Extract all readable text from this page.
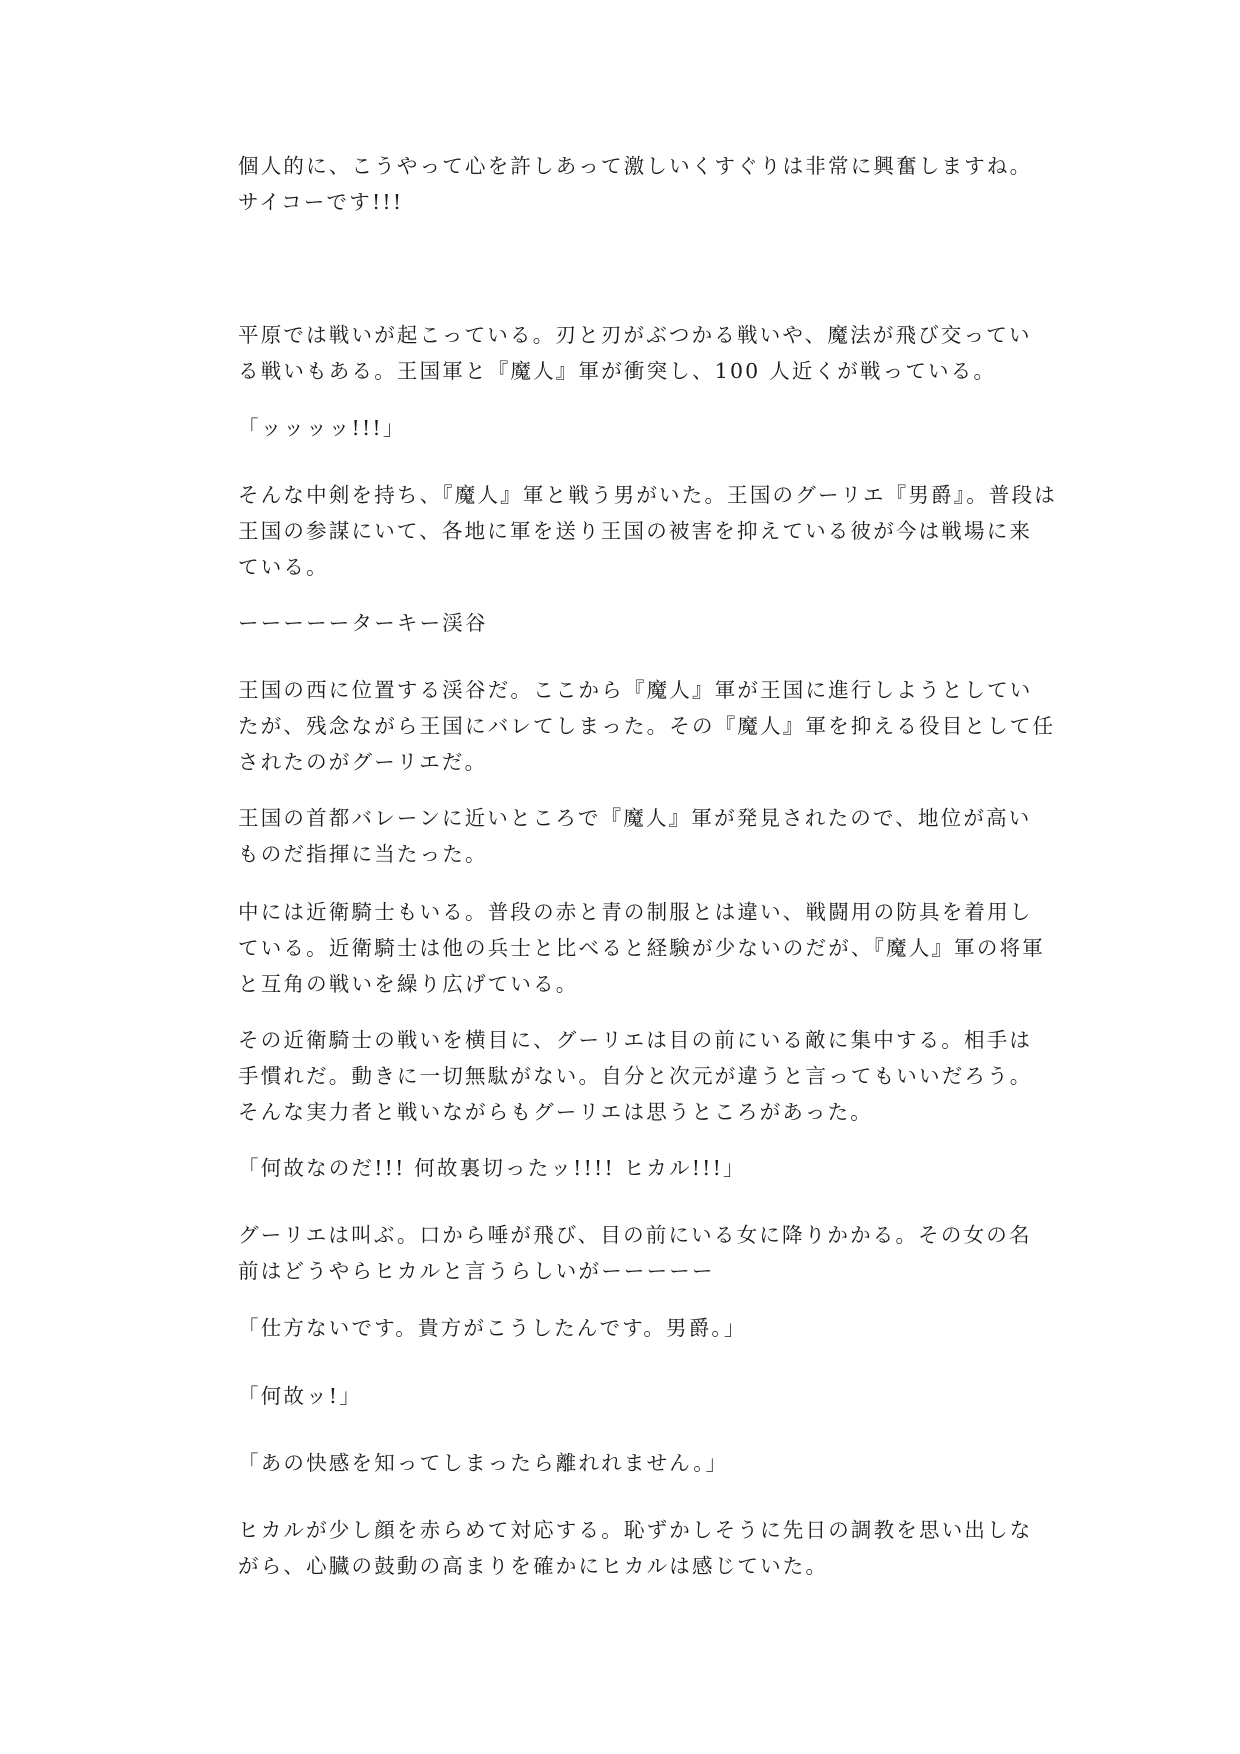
個人的に、こうやって心を許しあって激しいくすぐりは非常に興奮しますね。
サイコーです!!!
平原では戦いが起こっている。刃と刃がぶつかる戦いや、魔法が飛び交ってい
る戦いもある。王国軍と『魔人』軍が衝突し、100 人近くが戦っている。
「ッッッッ!!!」
そんな中剣を持ち、『魔人』軍と戦う男がいた。王国のグーリエ『男爵』。普段は
王国の参謀にいて、各地に軍を送り王国の被害を抑えている彼が今は戦場に来
ている。
ーーーーーターキー渓谷
王国の西に位置する渓谷だ。ここから『魔人』軍が王国に進行しようとしてい
たが、残念ながら王国にバレてしまった。その『魔人』軍を抑える役目として任
されたのがグーリエだ。
王国の首都バレーンに近いところで『魔人』軍が発見されたので、地位が高い
ものだ指揮に当たった。
中には近衛騎士もいる。普段の赤と青の制服とは違い、戦闘用の防具を着用し
ている。近衛騎士は他の兵士と比べると経験が少ないのだが、『魔人』軍の将軍
と互角の戦いを繰り広げている。
その近衛騎士の戦いを横目に、グーリエは目の前にいる敵に集中する。相手は
手慣れだ。動きに一切無駄がない。自分と次元が違うと言ってもいいだろう。
そんな実力者と戦いながらもグーリエは思うところがあった。
「何故なのだ!!! 何故裏切ったッ!!!! ヒカル!!!」
グーリエは叫ぶ。口から唾が飛び、目の前にいる女に降りかかる。その女の名
前はどうやらヒカルと言うらしいがーーーーー
「仕方ないです。貴方がこうしたんです。男爵。」
「何故ッ!」
「あの快感を知ってしまったら離れれません。」
ヒカルが少し顔を赤らめて対応する。恥ずかしそうに先日の調教を思い出しな
がら、心臓の鼓動の高まりを確かにヒカルは感じていた。
